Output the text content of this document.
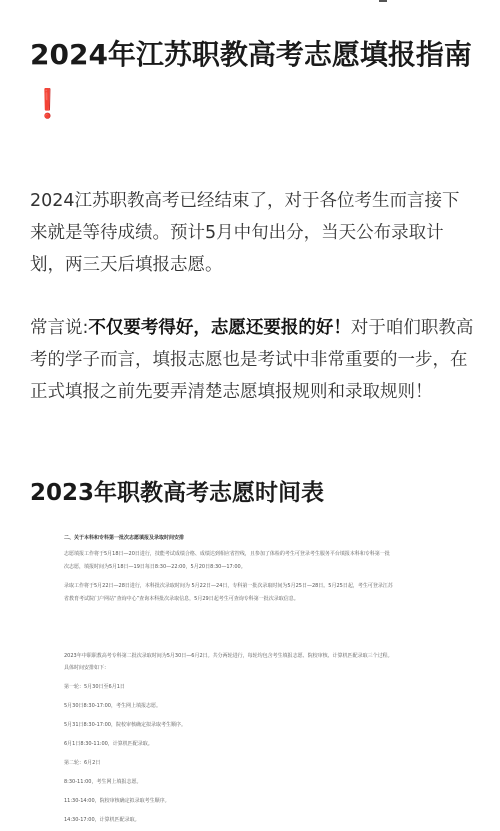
2024年江苏职教高考志愿填报指南❗

2024江苏职教高考已经结束了，对于各位考生而言接下来就是等待成绩。预计5月中旬出分，当天公布录取计划，两三天后填报志愿。

常言说:不仅要考得好，志愿还要报的好！对于咱们职教高考的学子而言，填报志愿也是考试中非常重要的一步，在正式填报之前先要弄清楚志愿填报规则和录取规则！

2023年职教高考志愿时间表
二、关于本科和专科第一批次志愿填报及录取时间安排
志愿填报工作将于5月18日—20日进行，技能考试成绩合格、成绩达到相应省控线，且参加了体检的考生可登录考生服务平台填报本科和专科第一批
次志愿，填报时间为5月18日—19日每日8:30—22:00，5月20日8:30—17:00。
录取工作将于5月22日—28日进行，本科批次录取时间为 5月22日—24日，专科第一批次录取时间为5月25日—28日。5月25日起，考生可登录江苏
省教育考试院门户网站“查询中心”查询本科批次录取信息，5月29日起考生可查询专科第一批次录取信息。
2023年中职职教高考专科第二批次录取时间为5月30日—6月2日。共分两轮进行，每轮均包含考生填报志愿、院校审核、计算机匹配录取三个过程。
具体时间安排如下：
第一轮：5月30日至6月1日
5月30日8:30-17:00，考生网上填报志愿。
5月31日8:30-17:00，院校审核确定拟录取考生顺序。
6月1日8:30-11:00，计算机匹配录取。
第二轮：6月2日
8:30-11:00，考生网上填报志愿。
11:30-14:00，院校审核确定拟录取考生顺序。
14:30-17:00，计算机匹配录取。
